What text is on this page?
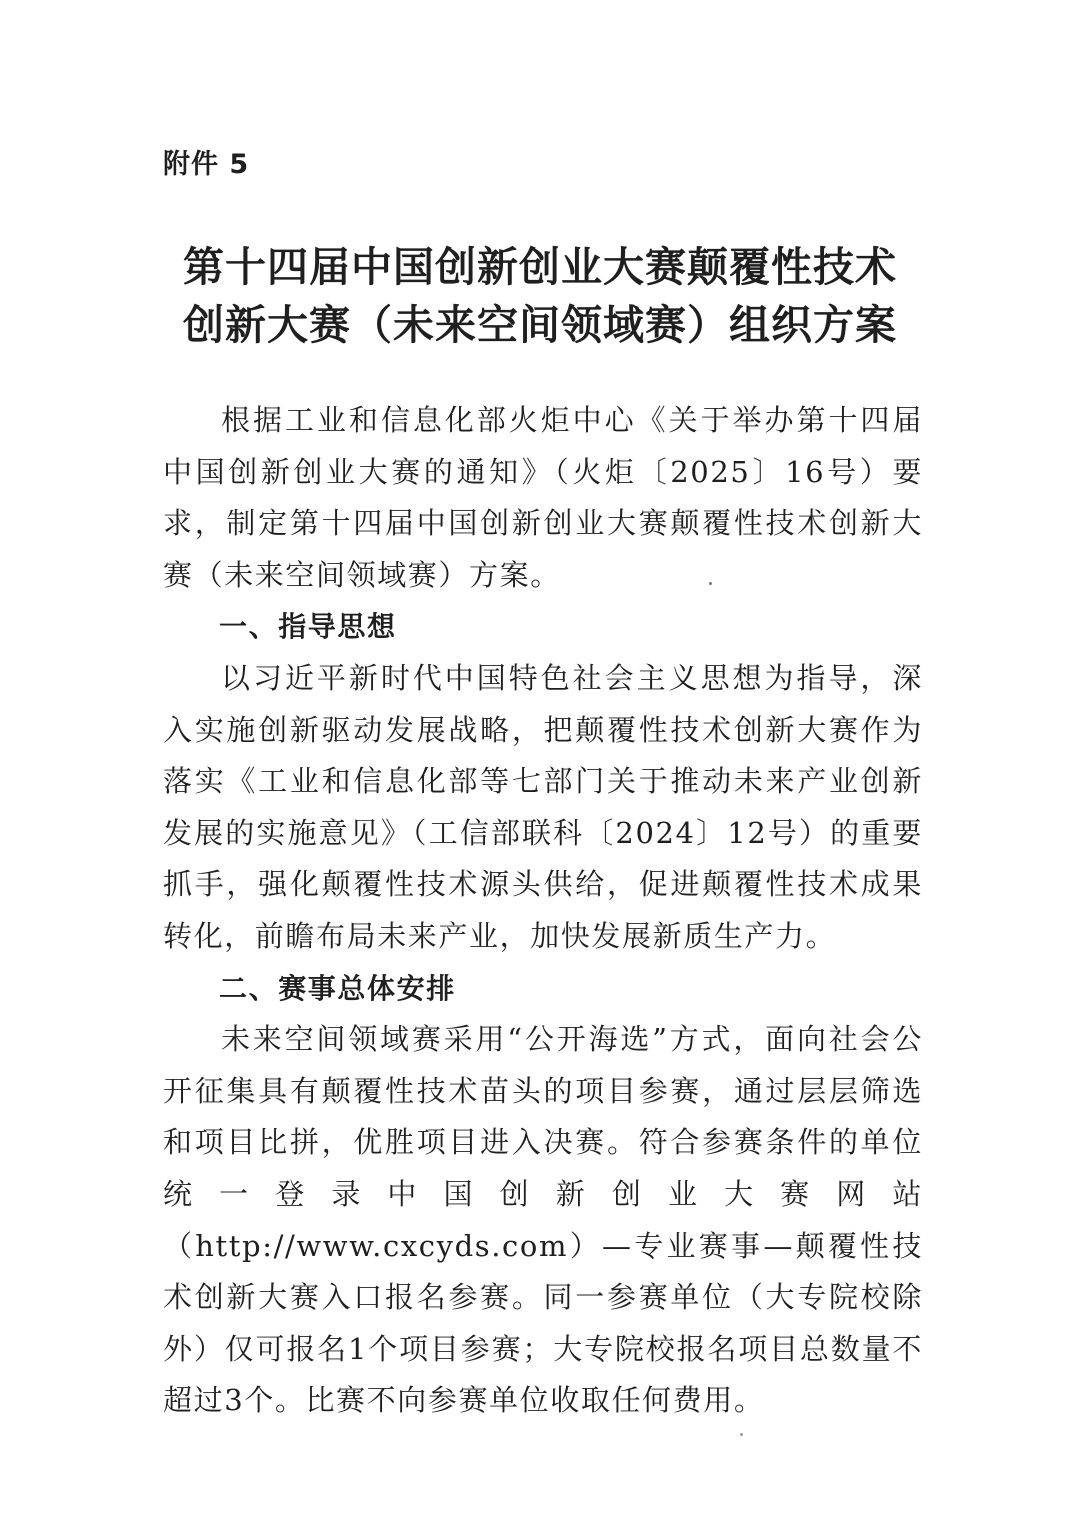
附件 5
第十四届中国创新创业大赛颠覆性技术
创新大赛（未来空间领域赛）组织方案

根据工业和信息化部火炬中心《关于举办第十四届中国创新创业大赛的通知》（火炬〔2025〕16号）要求，制定第十四届中国创新创业大赛颠覆性技术创新大赛（未来空间领域赛）方案。

一、指导思想

以习近平新时代中国特色社会主义思想为指导，深入实施创新驱动发展战略，把颠覆性技术创新大赛作为落实《工业和信息化部等七部门关于推动未来产业创新发展的实施意见》（工信部联科〔2024〕12号）的重要抓手，强化颠覆性技术源头供给，促进颠覆性技术成果转化，前瞻布局未来产业，加快发展新质生产力。

二、赛事总体安排

未来空间领域赛采用“公开海选”方式，面向社会公开征集具有颠覆性技术苗头的项目参赛，通过层层筛选和项目比拼，优胜项目进入决赛。符合参赛条件的单位统一登录中国创新创业大赛网站（http://www.cxcyds.com）—专业赛事—颠覆性技术创新大赛入口报名参赛。同一参赛单位（大专院校除外）仅可报名1个项目参赛；大专院校报名项目总数量不超过3个。比赛不向参赛单位收取任何费用。
